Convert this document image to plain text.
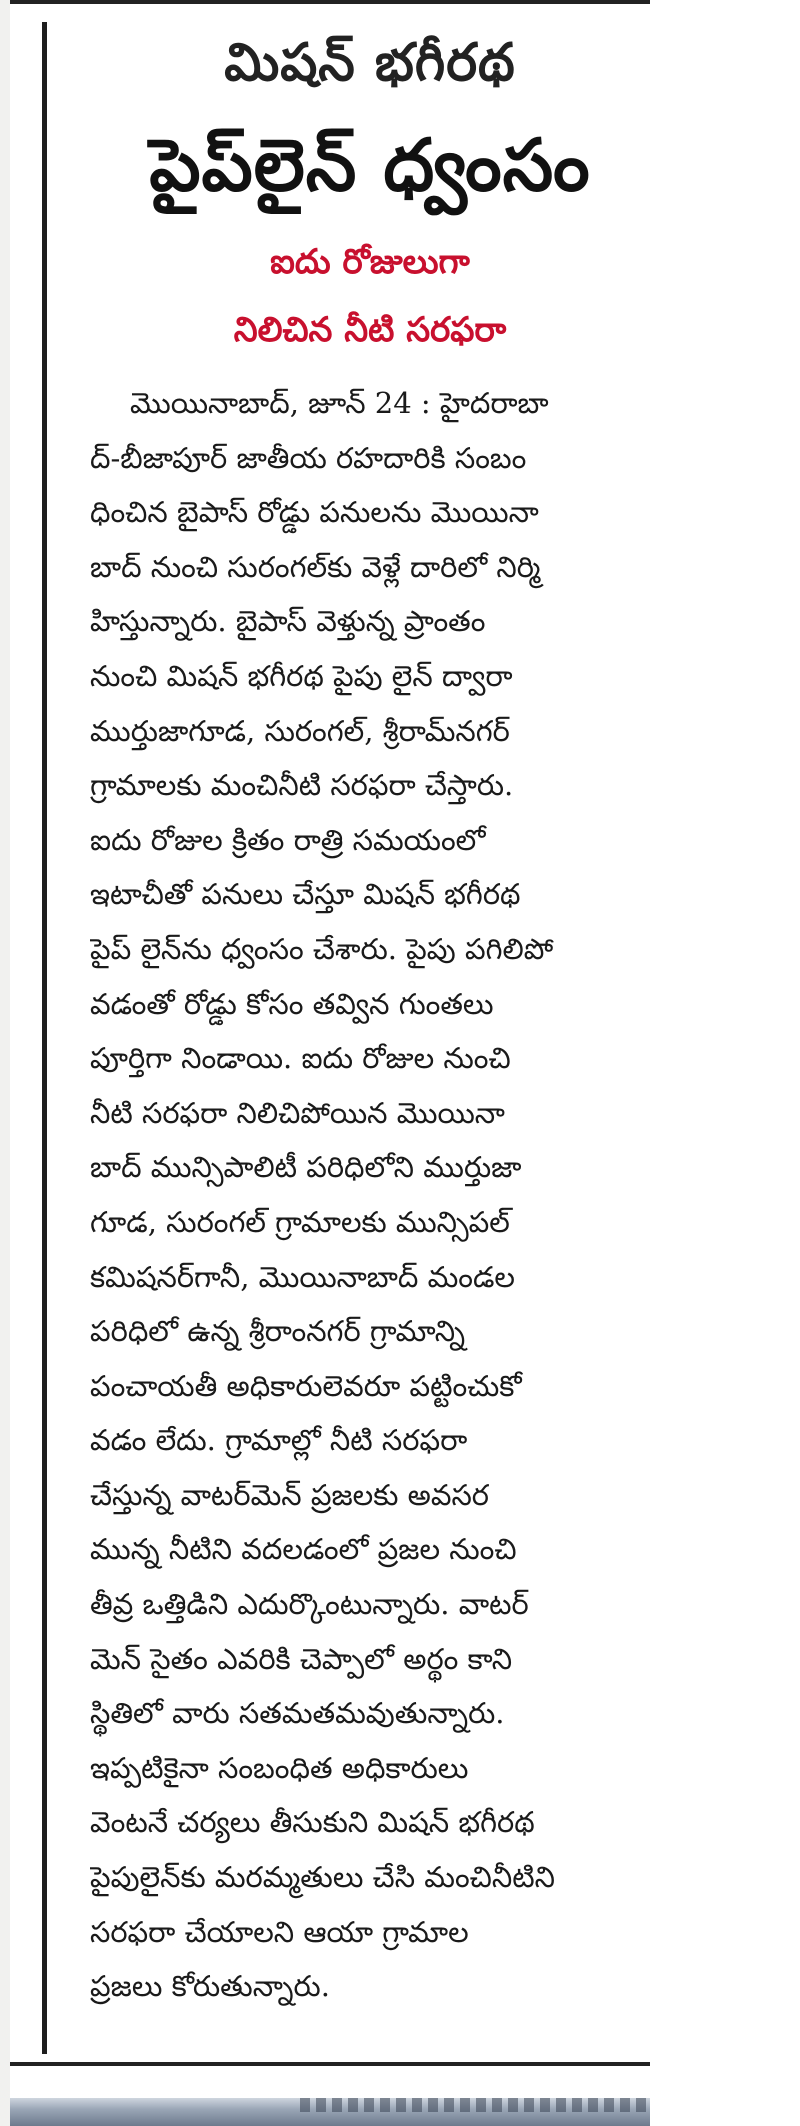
మిషన్ భగీరథ
పైప్‌లైన్ ధ్వంసం
ఐదు రోజులుగా
నిలిచిన నీటి సరఫరా
మొయినాబాద్, జూన్ 24 : హైదరాబా
ద్-బీజాపూర్ జాతీయ రహదారికి సంబం
ధించిన బైపాస్ రోడ్డు పనులను మొయినా
బాద్ నుంచి సురంగల్‌కు వెళ్లే దారిలో నిర్మి
హిస్తున్నారు. బైపాస్ వెళ్తున్న ప్రాంతం
నుంచి మిషన్ భగీరథ పైపు లైన్ ద్వారా
ముర్తుజాగూడ, సురంగల్, శ్రీరామ్‌నగర్
గ్రామాలకు మంచినీటి సరఫరా చేస్తారు.
ఐదు రోజుల క్రితం రాత్రి సమయంలో
ఇటాచీతో పనులు చేస్తూ మిషన్ భగీరథ
పైప్ లైన్‌ను ధ్వంసం చేశారు. పైపు పగిలిపో
వడంతో రోడ్డు కోసం తవ్విన గుంతలు
పూర్తిగా నిండాయి. ఐదు రోజుల నుంచి
నీటి సరఫరా నిలిచిపోయిన మొయినా
బాద్ మున్సిపాలిటీ పరిధిలోని ముర్తుజా
గూడ, సురంగల్ గ్రామాలకు మున్సిపల్
కమిషనర్‌గానీ, మొయినాబాద్ మండల
పరిధిలో ఉన్న శ్రీరాంనగర్ గ్రామాన్ని
పంచాయతీ అధికారులెవరూ పట్టించుకో
వడం లేదు. గ్రామాల్లో నీటి సరఫరా
చేస్తున్న వాటర్‌మెన్ ప్రజలకు అవసర
మున్న నీటిని వదలడంలో ప్రజల నుంచి
తీవ్ర ఒత్తిడిని ఎదుర్కొంటున్నారు. వాటర్
మెన్ సైతం ఎవరికి చెప్పాలో అర్థం కాని
స్థితిలో వారు సతమతమవుతున్నారు.
ఇప్పటికైనా సంబంధిత అధికారులు
వెంటనే చర్యలు తీసుకుని మిషన్ భగీరథ
పైపులైన్‌కు మరమ్మతులు చేసి మంచినీటిని
సరఫరా చేయాలని ఆయా గ్రామాల
ప్రజలు కోరుతున్నారు.
